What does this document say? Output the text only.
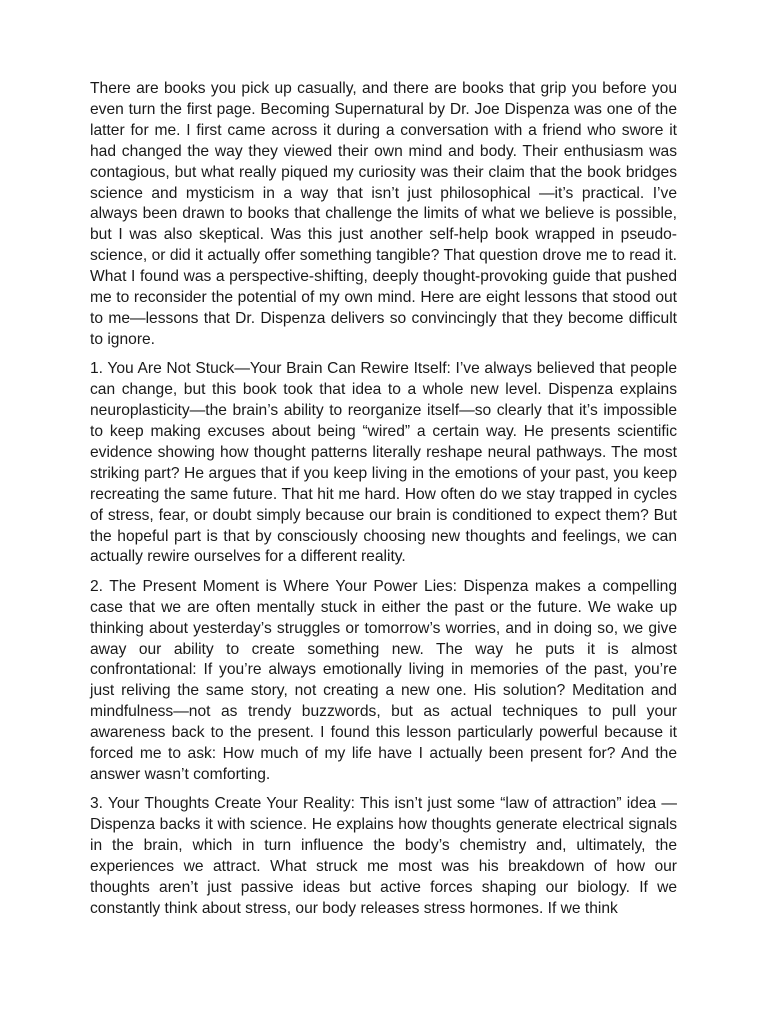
There are books you pick up casually, and there are books that grip you before you even turn the first page. Becoming Supernatural by Dr. Joe Dispenza was one of the latter for me. I first came across it during a conversation with a friend who swore it had changed the way they viewed their own mind and body. Their enthusiasm was contagious, but what really piqued my curiosity was their claim that the book bridges science and mysticism in a way that isn’t just philosophical —it’s practical. I’ve always been drawn to books that challenge the limits of what we believe is possible, but I was also skeptical. Was this just another self-help book wrapped in pseudo-science, or did it actually offer something tangible? That question drove me to read it. What I found was a perspective-shifting, deeply thought-provoking guide that pushed me to reconsider the potential of my own mind. Here are eight lessons that stood out to me—lessons that Dr. Dispenza delivers so convincingly that they become difficult to ignore.

1. You Are Not Stuck—Your Brain Can Rewire Itself: I’ve always believed that people can change, but this book took that idea to a whole new level. Dispenza explains neuroplasticity—the brain’s ability to reorganize itself—so clearly that it’s impossible to keep making excuses about being “wired” a certain way. He presents scientific evidence showing how thought patterns literally reshape neural pathways. The most striking part? He argues that if you keep living in the emotions of your past, you keep recreating the same future. That hit me hard. How often do we stay trapped in cycles of stress, fear, or doubt simply because our brain is conditioned to expect them? But the hopeful part is that by consciously choosing new thoughts and feelings, we can actually rewire ourselves for a different reality.

2. The Present Moment is Where Your Power Lies: Dispenza makes a compelling case that we are often mentally stuck in either the past or the future. We wake up thinking about yesterday’s struggles or tomorrow’s worries, and in doing so, we give away our ability to create something new. The way he puts it is almost confrontational: If you’re always emotionally living in memories of the past, you’re just reliving the same story, not creating a new one. His solution? Meditation and mindfulness—not as trendy buzzwords, but as actual techniques to pull your awareness back to the present. I found this lesson particularly powerful because it forced me to ask: How much of my life have I actually been present for? And the answer wasn’t comforting.

3. Your Thoughts Create Your Reality: This isn’t just some “law of attraction” idea —Dispenza backs it with science. He explains how thoughts generate electrical signals in the brain, which in turn influence the body’s chemistry and, ultimately, the experiences we attract. What struck me most was his breakdown of how our thoughts aren’t just passive ideas but active forces shaping our biology. If we constantly think about stress, our body releases stress hormones. If we think
